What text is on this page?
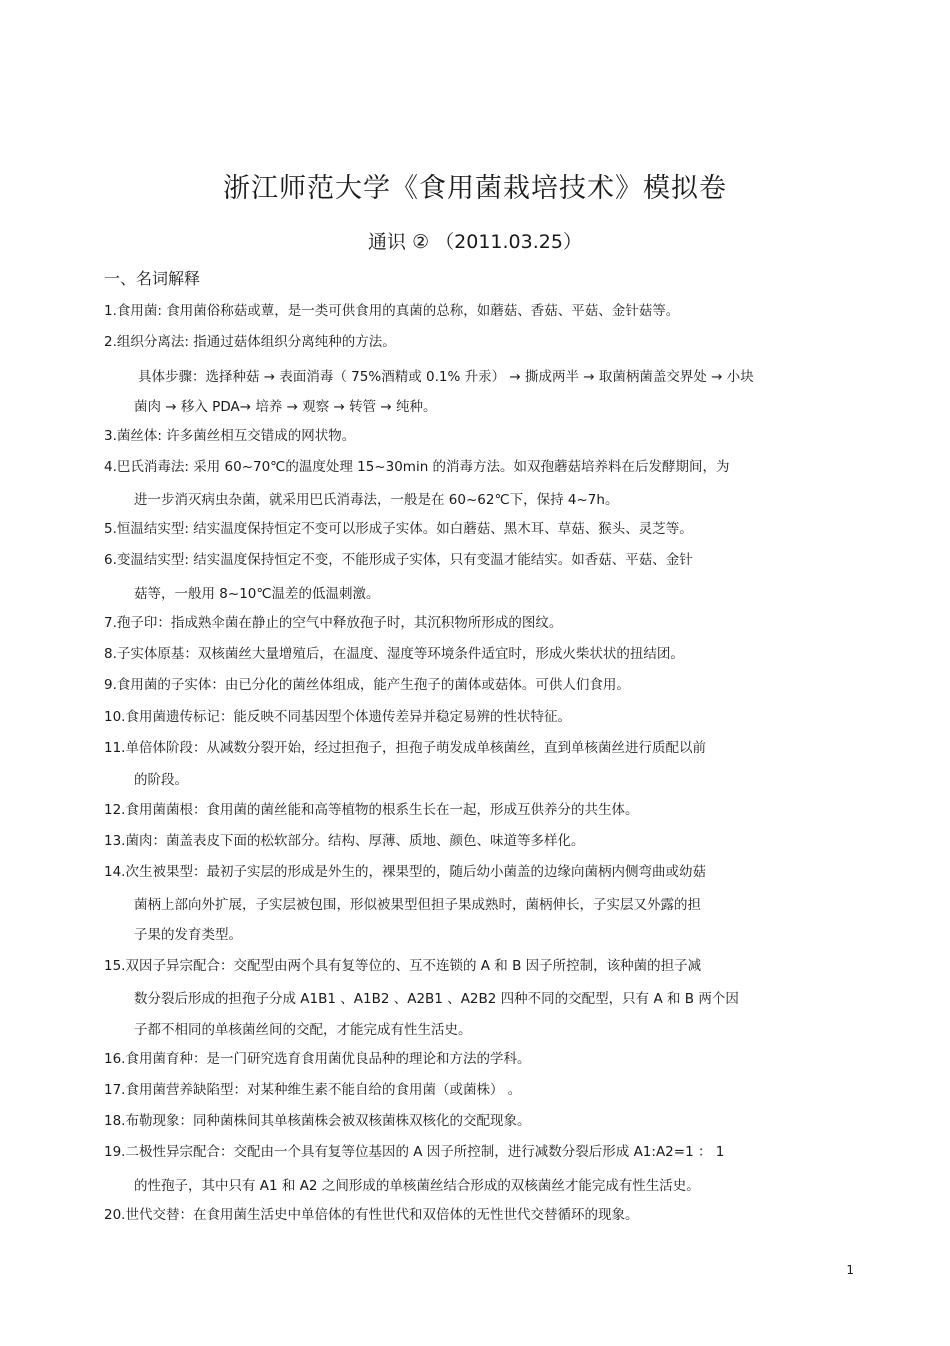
浙江师范大学《食用菌栽培技术》模拟卷
通识 ② （2011.03.25）
一、名词解释
1.食用菌: 食用菌俗称菇或蕈，是一类可供食用的真菌的总称，如蘑菇、香菇、平菇、金针菇等。
2.组织分离法: 指通过菇体组织分离纯种的方法。
具体步骤：选择种菇 → 表面消毒（ 75%酒精或 0.1% 升汞） → 撕成两半 → 取菌柄菌盖交界处 → 小块
菌肉 → 移入 PDA→ 培养 → 观察 → 转管 → 纯种。
3.菌丝体: 许多菌丝相互交错成的网状物。
4.巴氏消毒法: 采用 60~70℃的温度处理 15~30min 的消毒方法。如双孢蘑菇培养料在后发酵期间，为
进一步消灭病虫杂菌，就采用巴氏消毒法，一般是在 60~62℃下，保持 4~7h。
5.恒温结实型: 结实温度保持恒定不变可以形成子实体。如白蘑菇、黑木耳、草菇、猴头、灵芝等。
6.变温结实型: 结实温度保持恒定不变，不能形成子实体，只有变温才能结实。如香菇、平菇、金针
菇等，一般用 8~10℃温差的低温刺激。
7.孢子印：指成熟伞菌在静止的空气中释放孢子时，其沉积物所形成的图纹。
8.子实体原基：双核菌丝大量增殖后，在温度、湿度等环境条件适宜时，形成火柴状状的扭结团。
9.食用菌的子实体：由已分化的菌丝体组成，能产生孢子的菌体或菇体。可供人们食用。
10.食用菌遗传标记：能反映不同基因型个体遗传差异并稳定易辨的性状特征。
11.单倍体阶段：从减数分裂开始，经过担孢子，担孢子萌发成单核菌丝，直到单核菌丝进行质配以前
的阶段。
12.食用菌菌根：食用菌的菌丝能和高等植物的根系生长在一起，形成互供养分的共生体。
13.菌肉：菌盖表皮下面的松软部分。结构、厚薄、质地、颜色、味道等多样化。
14.次生被果型：最初子实层的形成是外生的，裸果型的，随后幼小菌盖的边缘向菌柄内侧弯曲或幼菇
菌柄上部向外扩展，子实层被包围，形似被果型但担子果成熟时，菌柄伸长，子实层又外露的担
子果的发育类型。
15.双因子异宗配合：交配型由两个具有复等位的、互不连锁的 A 和 B 因子所控制，该种菌的担子减
数分裂后形成的担孢子分成 A1B1 、A1B2 、A2B1 、A2B2 四种不同的交配型，只有 A 和 B 两个因
子都不相同的单核菌丝间的交配，才能完成有性生活史。
16.食用菌育种：是一门研究选育食用菌优良品种的理论和方法的学科。
17.食用菌营养缺陷型：对某种维生素不能自给的食用菌（或菌株） 。
18.布勒现象：同种菌株间其单核菌株会被双核菌株双核化的交配现象。
19.二极性异宗配合：交配由一个具有复等位基因的 A 因子所控制，进行减数分裂后形成 A1:A2=1 ： 1
的性孢子，其中只有 A1 和 A2 之间形成的单核菌丝结合形成的双核菌丝才能完成有性生活史。
20.世代交替：在食用菌生活史中单倍体的有性世代和双倍体的无性世代交替循环的现象。
1
